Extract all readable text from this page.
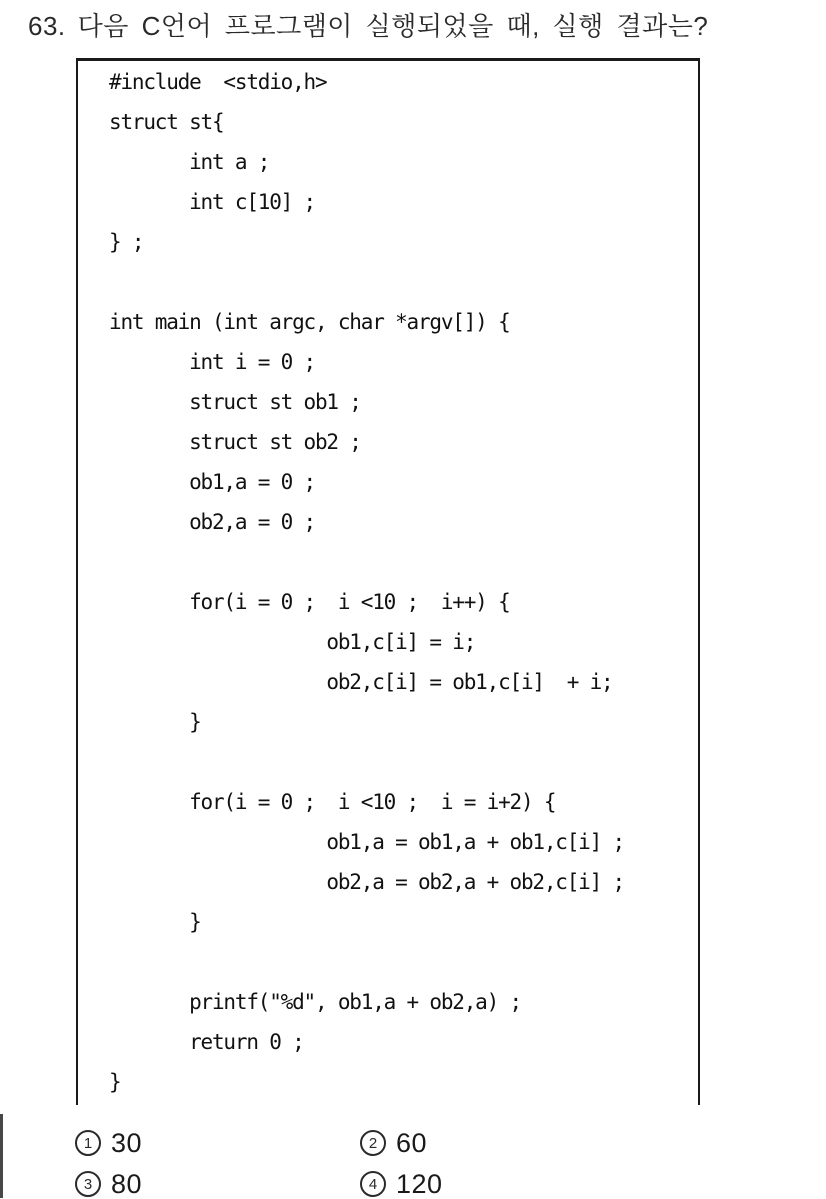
63. 다음 C언어 프로그램이 실행되었을 때, 실행 결과는?
#include  <stdio,h>
struct st{
int a ;
int c[10] ;
} ;

int main (int argc, char *argv[]) {
int i = 0 ;
struct st ob1 ;
struct st ob2 ;
ob1,a = 0 ;
ob2,a = 0 ;

for(i = 0 ;  i <10 ;  i++) {
ob1,c[i] = i;
ob2,c[i] = ob1,c[i]  + i;
}

for(i = 0 ;  i <10 ;  i = i+2) {
ob1,a = ob1,a + ob1,c[i] ;
ob2,a = ob2,a + ob2,c[i] ;
}

printf("%d", ob1,a + ob2,a) ;
return 0 ;
}
1 30	2 60
3 80	4 120
